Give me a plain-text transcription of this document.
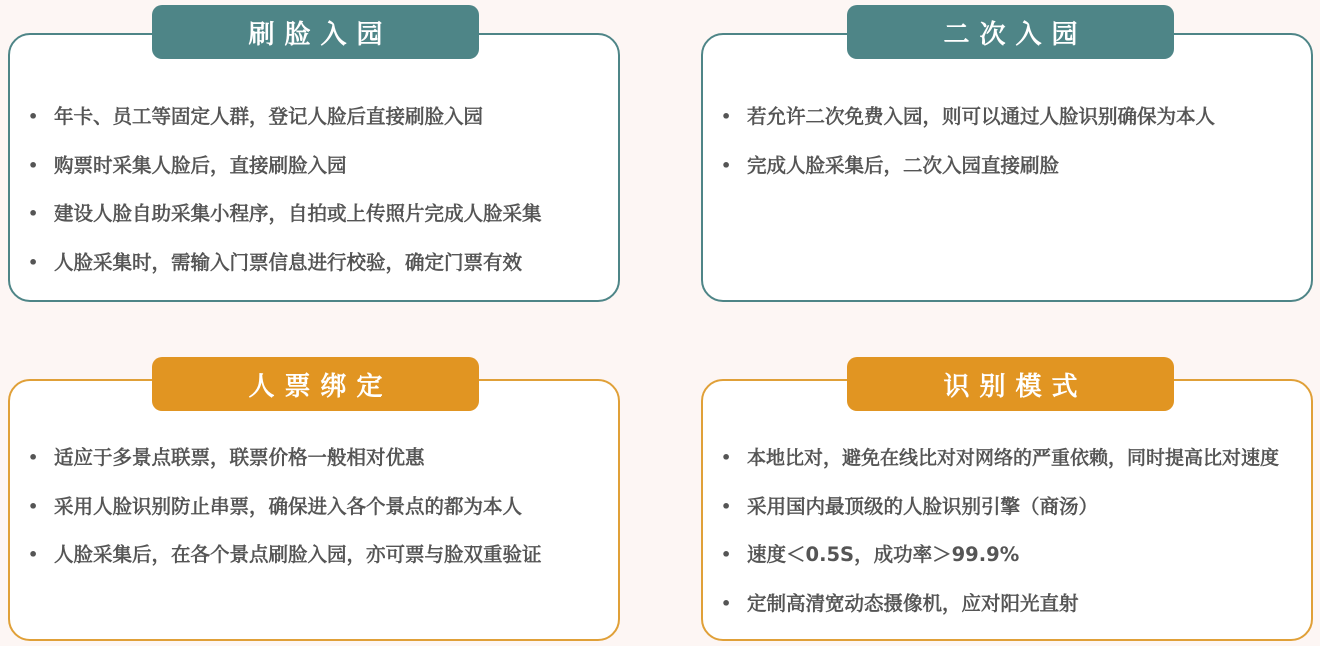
刷脸入园
• 年卡、员工等固定人群，登记人脸后直接刷脸入园
• 购票时采集人脸后，直接刷脸入园
• 建设人脸自助采集小程序，自拍或上传照片完成人脸采集
• 人脸采集时，需输入门票信息进行校验，确定门票有效
二次入园
• 若允许二次免费入园，则可以通过人脸识别确保为本人
• 完成人脸采集后，二次入园直接刷脸
人票绑定
• 适应于多景点联票，联票价格一般相对优惠
• 采用人脸识别防止串票，确保进入各个景点的都为本人
• 人脸采集后，在各个景点刷脸入园，亦可票与脸双重验证
识别模式
• 本地比对，避免在线比对对网络的严重依赖，同时提高比对速度
• 采用国内最顶级的人脸识别引擎（商汤）
• 速度＜0.5S，成功率＞99.9%
• 定制高清宽动态摄像机，应对阳光直射
